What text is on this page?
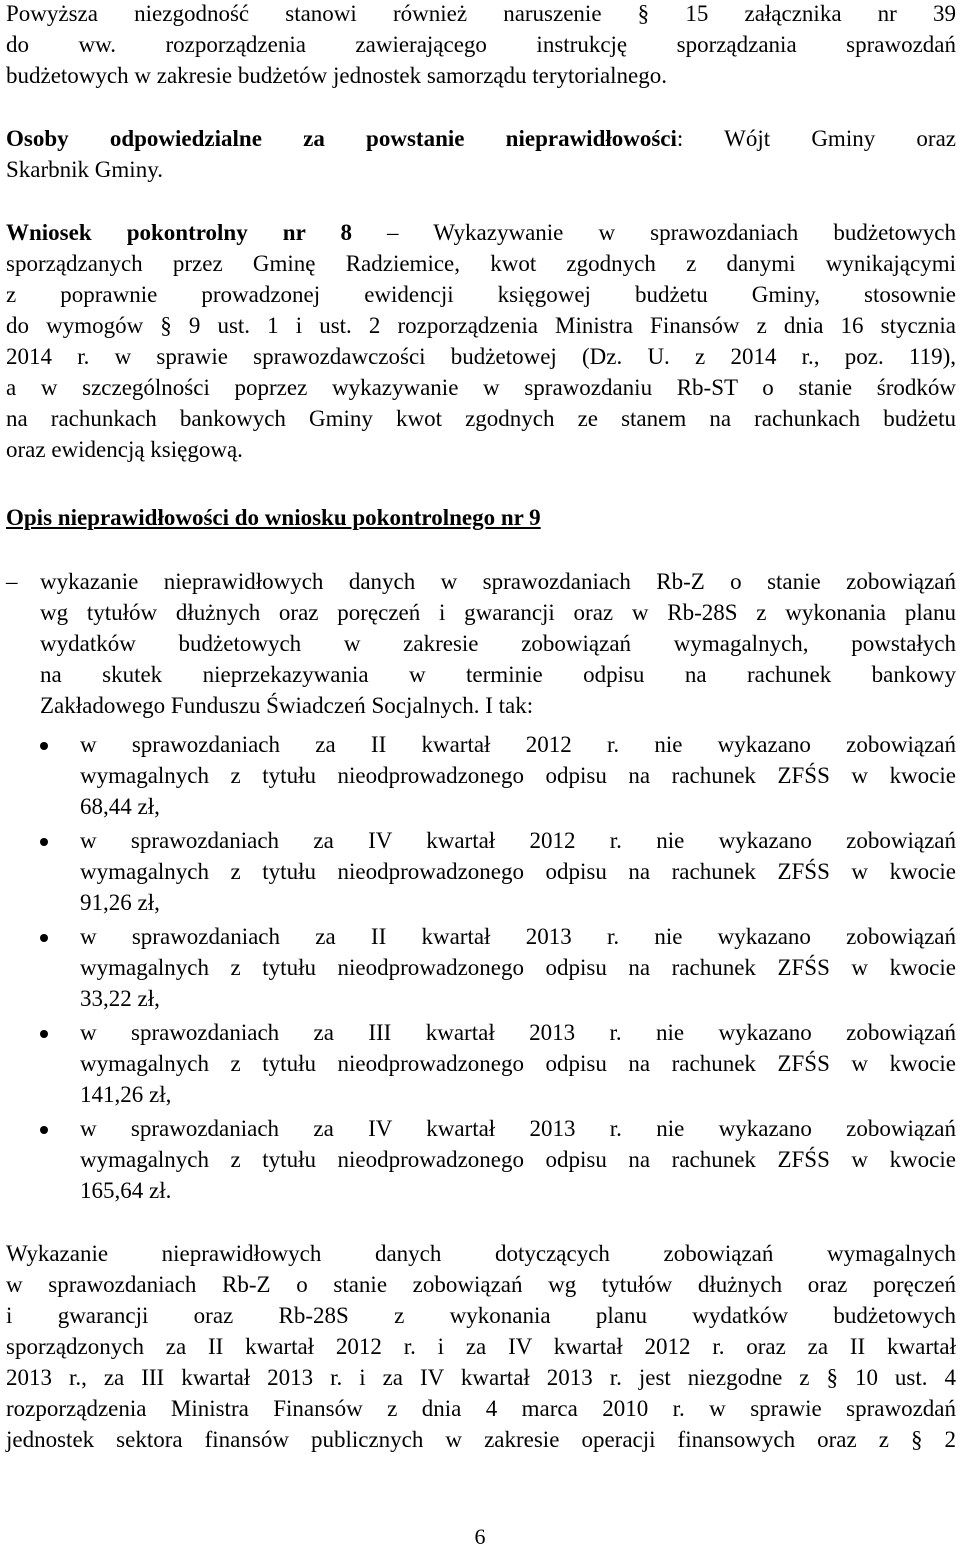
Powyższa niezgodność stanowi również naruszenie § 15 załącznika nr 39

do ww. rozporządzenia zawierającego instrukcję sporządzania sprawozdań

budżetowych w zakresie budżetów jednostek samorządu terytorialnego.

Osoby odpowiedzialne za powstanie nieprawidłowości: Wójt Gminy oraz

Skarbnik Gminy.

Wniosek pokontrolny nr 8 – Wykazywanie w sprawozdaniach budżetowych

sporządzanych przez Gminę Radziemice, kwot zgodnych z danymi wynikającymi

z poprawnie prowadzonej ewidencji księgowej budżetu Gminy, stosownie

do wymogów § 9 ust. 1 i ust. 2 rozporządzenia Ministra Finansów z dnia 16 stycznia

2014 r. w sprawie sprawozdawczości budżetowej (Dz. U. z 2014 r., poz. 119),

a w szczególności poprzez wykazywanie w sprawozdaniu Rb-ST o stanie środków

na rachunkach bankowych Gminy kwot zgodnych ze stanem na rachunkach budżetu

oraz ewidencją księgową.

Opis nieprawidłowości do wniosku pokontrolnego nr 9

– wykazanie nieprawidłowych danych w sprawozdaniach Rb-Z o stanie zobowiązań

wg tytułów dłużnych oraz poręczeń i gwarancji oraz w Rb-28S z wykonania planu

wydatków budżetowych w zakresie zobowiązań wymagalnych, powstałych

na skutek nieprzekazywania w terminie odpisu na rachunek bankowy

Zakładowego Funduszu Świadczeń Socjalnych. I tak:

w sprawozdaniach za II kwartał 2012 r. nie wykazano zobowiązań

wymagalnych z tytułu nieodprowadzonego odpisu na rachunek ZFŚS w kwocie

68,44 zł,

w sprawozdaniach za IV kwartał 2012 r. nie wykazano zobowiązań

wymagalnych z tytułu nieodprowadzonego odpisu na rachunek ZFŚS w kwocie

91,26 zł,

w sprawozdaniach za II kwartał 2013 r. nie wykazano zobowiązań

wymagalnych z tytułu nieodprowadzonego odpisu na rachunek ZFŚS w kwocie

33,22 zł,

w sprawozdaniach za III kwartał 2013 r. nie wykazano zobowiązań

wymagalnych z tytułu nieodprowadzonego odpisu na rachunek ZFŚS w kwocie

141,26 zł,

w sprawozdaniach za IV kwartał 2013 r. nie wykazano zobowiązań

wymagalnych z tytułu nieodprowadzonego odpisu na rachunek ZFŚS w kwocie

165,64 zł.

Wykazanie nieprawidłowych danych dotyczących zobowiązań wymagalnych

w sprawozdaniach Rb-Z o stanie zobowiązań wg tytułów dłużnych oraz poręczeń

i gwarancji oraz Rb-28S z wykonania planu wydatków budżetowych

sporządzonych za II kwartał 2012 r. i za IV kwartał 2012 r. oraz za II kwartał

2013 r., za III kwartał 2013 r. i za IV kwartał 2013 r. jest niezgodne z § 10 ust. 4

rozporządzenia Ministra Finansów z dnia 4 marca 2010 r. w sprawie sprawozdań

jednostek sektora finansów publicznych w zakresie operacji finansowych oraz z § 2

6
